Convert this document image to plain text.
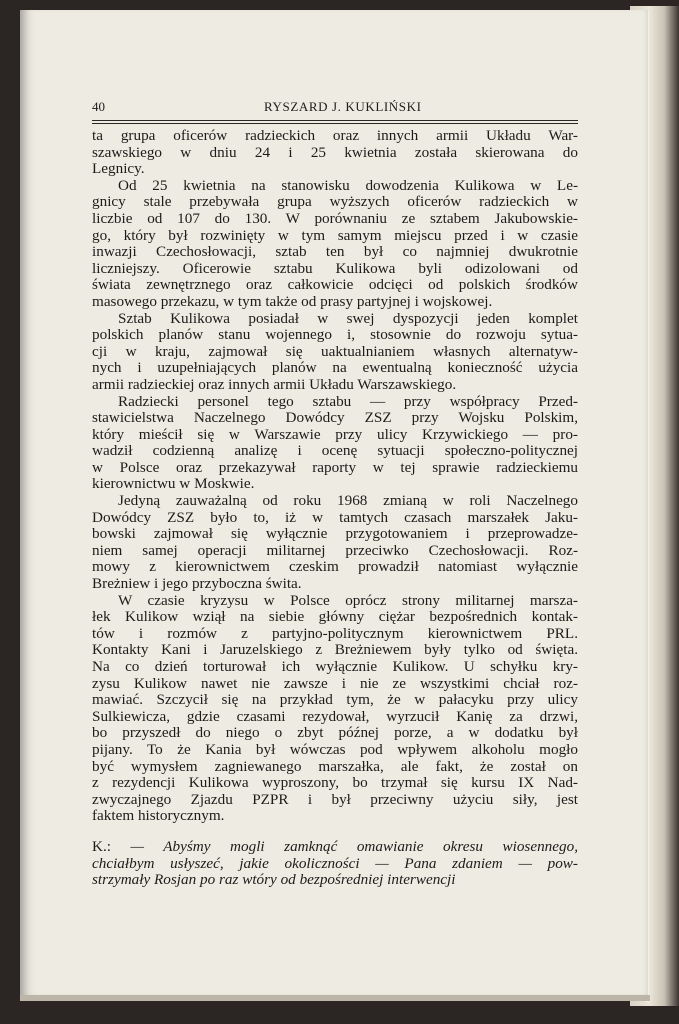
40	RYSZARD J. KUKLIŃSKI
ta grupa oficerów radzieckich oraz innych armii Układu War-
szawskiego w dniu 24 i 25 kwietnia została skierowana do
Legnicy.
Od 25 kwietnia na stanowisku dowodzenia Kulikowa w Le-
gnicy stale przebywała grupa wyższych oficerów radzieckich w
liczbie od 107 do 130. W porównaniu ze sztabem Jakubowskie-
go, który był rozwinięty w tym samym miejscu przed i w czasie
inwazji Czechosłowacji, sztab ten był co najmniej dwukrotnie
liczniejszy. Oficerowie sztabu Kulikowa byli odizolowani od
świata zewnętrznego oraz całkowicie odcięci od polskich środków
masowego przekazu, w tym także od prasy partyjnej i wojskowej.
Sztab Kulikowa posiadał w swej dyspozycji jeden komplet
polskich planów stanu wojennego i, stosownie do rozwoju sytua-
cji w kraju, zajmował się uaktualnianiem własnych alternatyw-
nych i uzupełniających planów na ewentualną konieczność użycia
armii radzieckiej oraz innych armii Układu Warszawskiego.
Radziecki personel tego sztabu — przy współpracy Przed-
stawicielstwa Naczelnego Dowódcy ZSZ przy Wojsku Polskim,
który mieścił się w Warszawie przy ulicy Krzywickiego — pro-
wadził codzienną analizę i ocenę sytuacji społeczno-politycznej
w Polsce oraz przekazywał raporty w tej sprawie radzieckiemu
kierownictwu w Moskwie.
Jedyną zauważalną od roku 1968 zmianą w roli Naczelnego
Dowódcy ZSZ było to, iż w tamtych czasach marszałek Jaku-
bowski zajmował się wyłącznie przygotowaniem i przeprowadze-
niem samej operacji militarnej przeciwko Czechosłowacji. Roz-
mowy z kierownictwem czeskim prowadził natomiast wyłącznie
Breżniew i jego przyboczna świta.
W czasie kryzysu w Polsce oprócz strony militarnej marsza-
łek Kulikow wziął na siebie główny ciężar bezpośrednich kontak-
tów i rozmów z partyjno-politycznym kierownictwem PRL.
Kontakty Kani i Jaruzelskiego z Breżniewem były tylko od święta.
Na co dzień torturował ich wyłącznie Kulikow. U schyłku kry-
zysu Kulikow nawet nie zawsze i nie ze wszystkimi chciał roz-
mawiać. Szczycił się na przykład tym, że w pałacyku przy ulicy
Sulkiewicza, gdzie czasami rezydował, wyrzucił Kanię za drzwi,
bo przyszedł do niego o zbyt późnej porze, a w dodatku był
pijany. To że Kania był wówczas pod wpływem alkoholu mogło
być wymysłem zagniewanego marszałka, ale fakt, że został on
z rezydencji Kulikowa wyproszony, bo trzymał się kursu IX Nad-
zwyczajnego Zjazdu PZPR i był przeciwny użyciu siły, jest
faktem historycznym.
K.: — Abyśmy mogli zamknąć omawianie okresu wiosennego,
chciałbym usłyszeć, jakie okoliczności — Pana zdaniem — pow-
strzymały Rosjan po raz wtóry od bezpośredniej interwencji
